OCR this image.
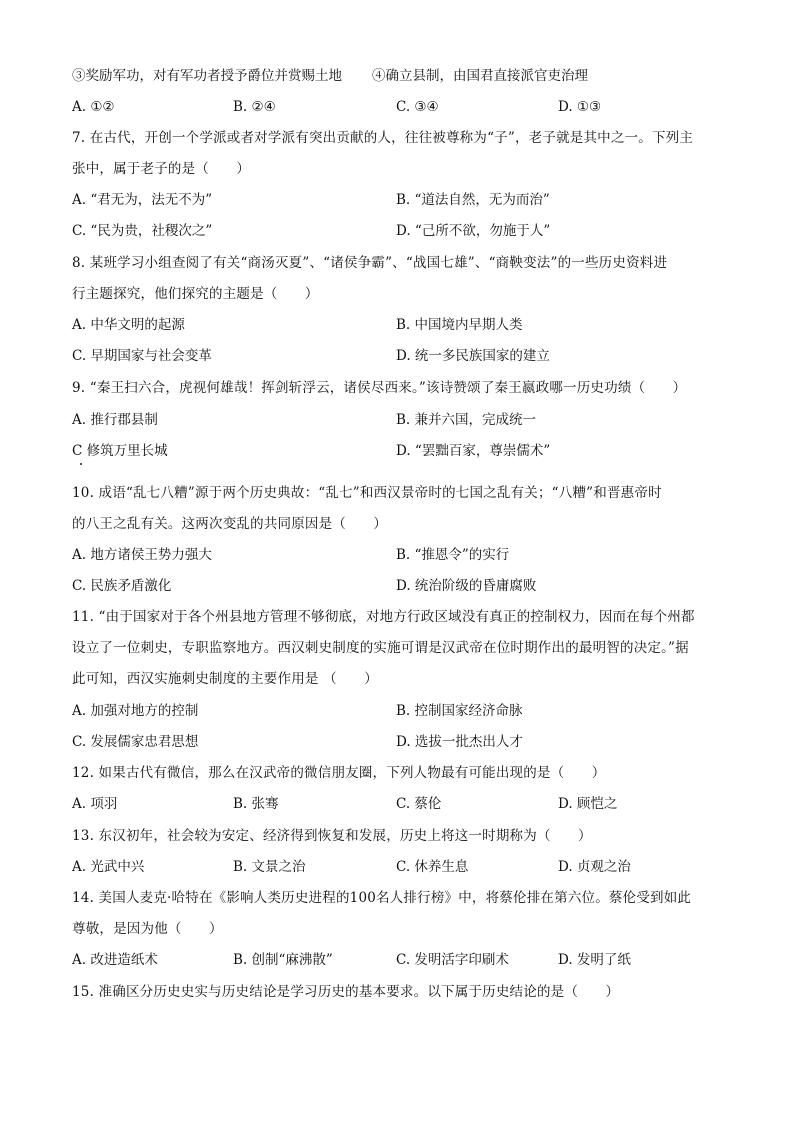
③奖励军功，对有军功者授予爵位并赏赐土地 ④确立县制，由国君直接派官吏治理
A. ①②	B. ②④	C. ③④	D. ①③
7. 在古代，开创一个学派或者对学派有突出贡献的人，往往被尊称为“子”，老子就是其中之一。下列主
张中，属于老子的是（　　）
A. “君无为，法无不为”	B. “道法自然，无为而治”
C. “民为贵，社稷次之”	D. “己所不欲，勿施于人”
8. 某班学习小组查阅了有关“商汤灭夏”、“诸侯争霸”、“战国七雄”、“商鞅变法”的一些历史资料进
行主题探究，他们探究的主题是（　　）
A. 中华文明的起源	B. 中国境内早期人类
C. 早期国家与社会变革	D. 统一多民族国家的建立
9. “秦王扫六合，虎视何雄哉！挥剑斩浮云，诸侯尽西来。”该诗赞颂了秦王嬴政哪一历史功绩（　　）
A. 推行郡县制	B. 兼并六国，完成统一
C 修筑万里长城	D. “罢黜百家，尊崇儒术”
10. 成语“乱七八糟”源于两个历史典故：“乱七”和西汉景帝时的七国之乱有关；“八糟”和晋惠帝时
的八王之乱有关。这两次变乱的共同原因是（　　）
A. 地方诸侯王势力强大	B. “推恩令”的实行
C. 民族矛盾激化	D. 统治阶级的昏庸腐败
11. “由于国家对于各个州县地方管理不够彻底，对地方行政区域没有真正的控制权力，因而在每个州都
设立了一位刺史，专职监察地方。西汉刺史制度的实施可谓是汉武帝在位时期作出的最明智的决定。”据
此可知，西汉实施刺史制度的主要作用是 （　　）
A. 加强对地方的控制	B. 控制国家经济命脉
C. 发展儒家忠君思想	D. 选拔一批杰出人才
12. 如果古代有微信，那么在汉武帝的微信朋友圈，下列人物最有可能出现的是（　　）
A. 项羽	B. 张骞	C. 蔡伦	D. 顾恺之
13. 东汉初年，社会较为安定、经济得到恢复和发展，历史上将这一时期称为（　　）
A. 光武中兴	B. 文景之治	C. 休养生息	D. 贞观之治
14. 美国人麦克·哈特在《影响人类历史进程的100名人排行榜》中，将蔡伦排在第六位。蔡伦受到如此
尊敬，是因为他（　　）
A. 改进造纸术	B. 创制“麻沸散”	C. 发明活字印刷术	D. 发明了纸
15. 准确区分历史史实与历史结论是学习历史的基本要求。以下属于历史结论的是（　　）
